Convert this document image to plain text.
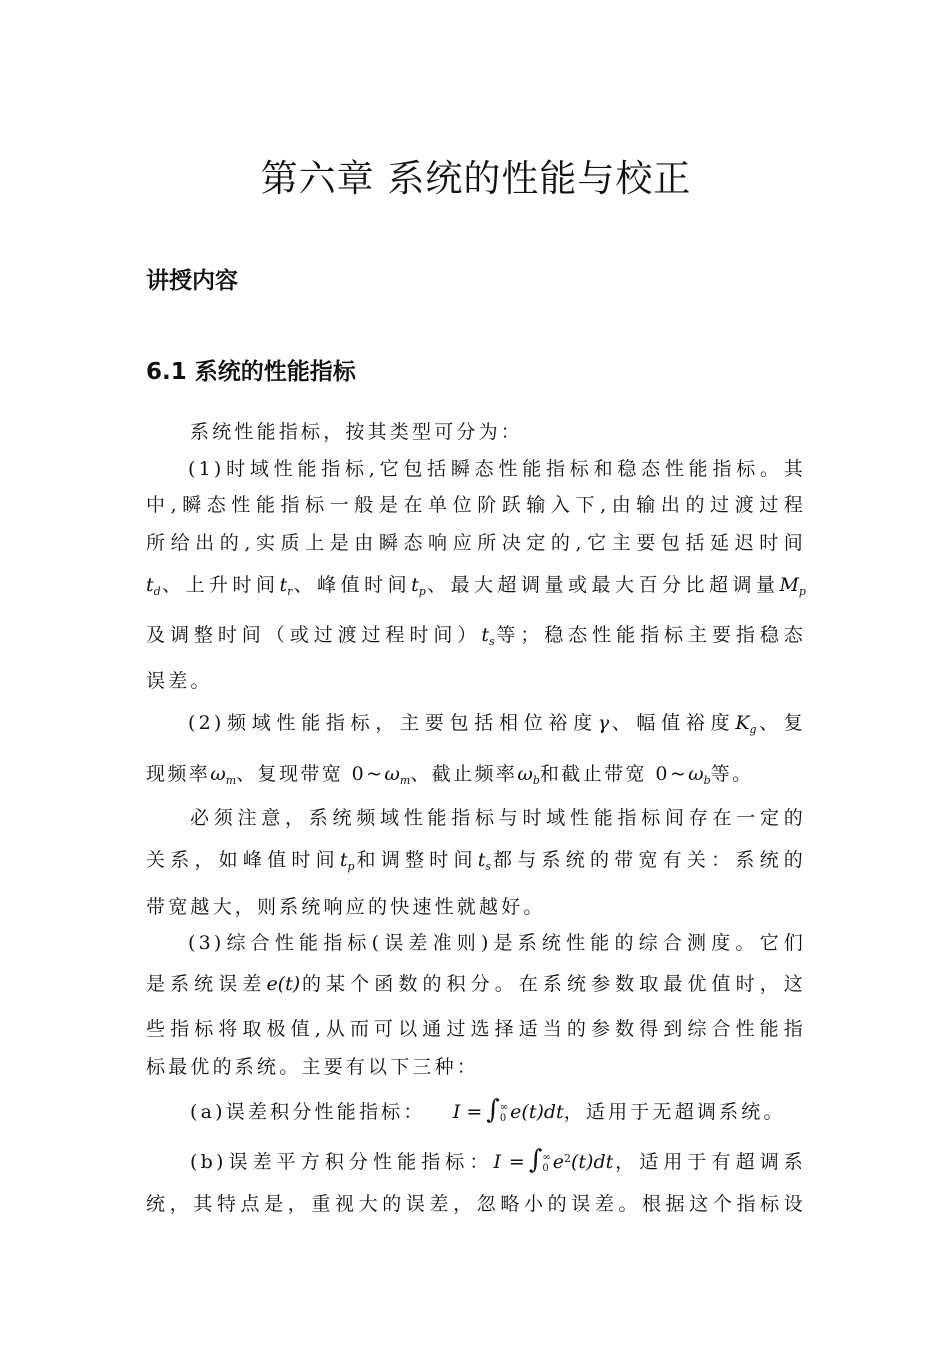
第六章 系统的性能与校正
讲授内容
6.1 系统的性能指标
系统性能指标，按其类型可分为：
(1)时域性能指标,它包括瞬态性能指标和稳态性能指标。其
中,瞬态性能指标一般是在单位阶跃输入下,由输出的过渡过程
所给出的,实质上是由瞬态响应所决定的,它主要包括延迟时间
$t_d$、上升时间$t_r$、峰值时间$t_p$、最大超调量或最大百分比超调量$M_p$
及调整时间（或过渡过程时间）$t_s$等；稳态性能指标主要指稳态
误差。
(2)频域性能指标，主要包括相位裕度γ、幅值裕度$K_g$、复
现频率$\omega_m$、复现带宽 $0\sim\omega_m$、截止频率$\omega_b$和截止带宽 $0\sim\omega_b$等。
必须注意，系统频域性能指标与时域性能指标间存在一定的
关系，如峰值时间$t_p$和调整时间$t_s$都与系统的带宽有关：系统的
带宽越大，则系统响应的快速性就越好。
(3)综合性能指标(误差准则)是系统性能的综合测度。它们
是系统误差e(t)的某个函数的积分。在系统参数取最优值时，这
些指标将取极值,从而可以通过选择适当的参数得到综合性能指
标最优的系统。主要有以下三种：
(a)误差积分性能指标： I = ∫ ∞
0 e(t)dt，适用于无超调系统。
(b)误差平方积分性能指标：I = ∫ ∞
0 $e^2(t)dt$，适用于有超调系
统，其特点是，重视大的误差，忽略小的误差。根据这个指标设
